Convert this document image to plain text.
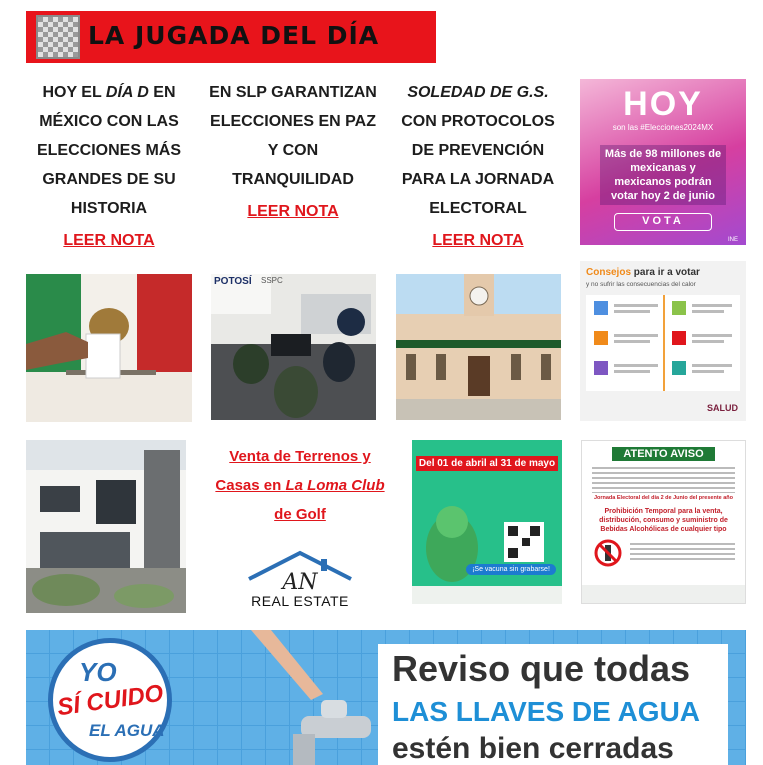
LA JUGADA DEL DÍA
HOY EL DÍA D EN MÉXICO CON LAS ELECCIONES MÁS GRANDES DE SU HISTORIA
LEER NOTA
EN SLP GARANTIZAN ELECCIONES EN PAZ Y CON TRANQUILIDAD
LEER NOTA
SOLEDAD DE G.S. CON PROTOCOLOS DE PREVENCIÓN PARA LA JORNADA ELECTORAL
LEER NOTA
HOY
son las #Elecciones2024MX
Más de 98 millones de mexicanas y mexicanos podrán votar hoy 2 de junio
VOTA
INE
POTOSÍ SSPC
Consejos para ir a votar
y no sufrir las consecuencias del calor
SALUD
Venta de Terrenos y
Casas en La Loma Club
de Golf
AN
REAL ESTATE
Del 01 de abril al 31 de mayo
¡Se vacuna sin grabarse!
ATENTO AVISO
Jornada Electoral del día 2 de Junio del presente año
Prohibición Temporal para la venta, distribución, consumo y suministro de Bebidas Alcohólicas de cualquier tipo
YO
SÍ CUIDO
EL AGUA
Reviso que todas
LAS LLAVES DE AGUA
estén bien cerradas
